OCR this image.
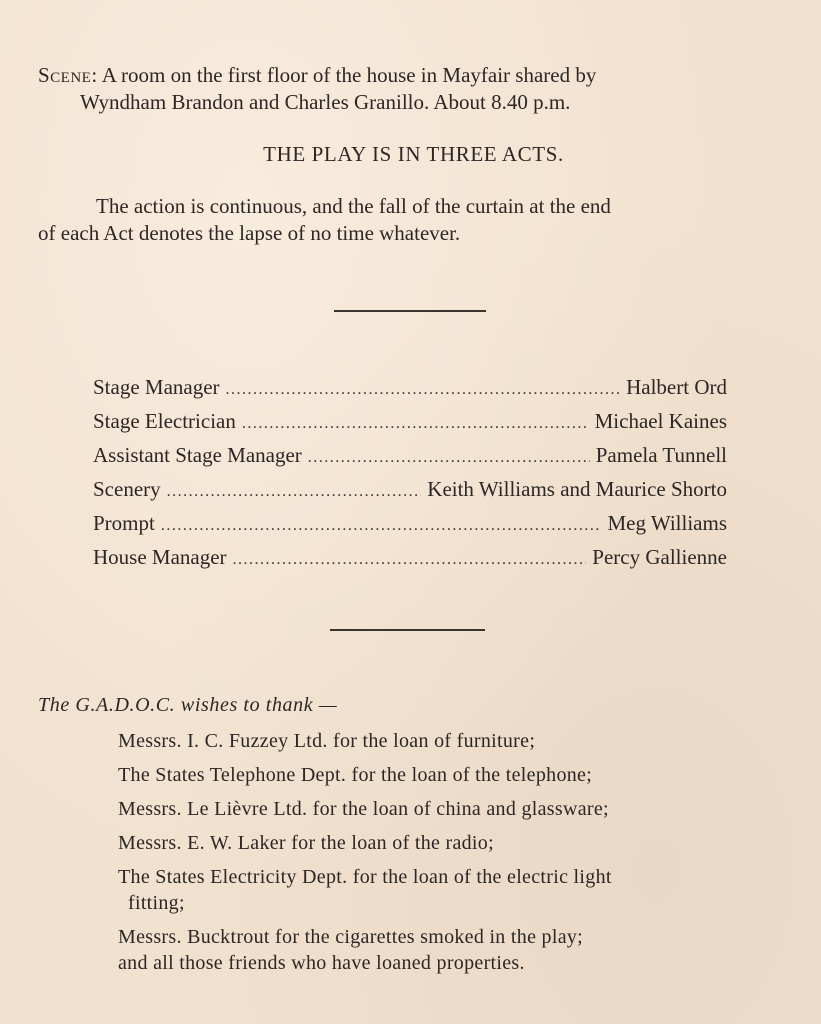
Scene: A room on the first floor of the house in Mayfair shared by
Wyndham Brandon and Charles Granillo. About 8.40 p.m.
THE PLAY IS IN THREE ACTS.
The action is continuous, and the fall of the curtain at the end
of each Act denotes the lapse of no time whatever.
Stage Manager .....	Halbert Ord
Stage Electrician .....	Michael Kaines
Assistant Stage Manager .....	Pamela Tunnell
Scenery .....	Keith Williams and Maurice Shorto
Prompt .....	Meg Williams
House Manager .....	Percy Gallienne
The G.A.D.O.C. wishes to thank —
Messrs. I. C. Fuzzey Ltd. for the loan of furniture;
The States Telephone Dept. for the loan of the telephone;
Messrs. Le Lièvre Ltd. for the loan of china and glassware;
Messrs. E. W. Laker for the loan of the radio;
The States Electricity Dept. for the loan of the electric light
fitting;
Messrs. Bucktrout for the cigarettes smoked in the play;
and all those friends who have loaned properties.
